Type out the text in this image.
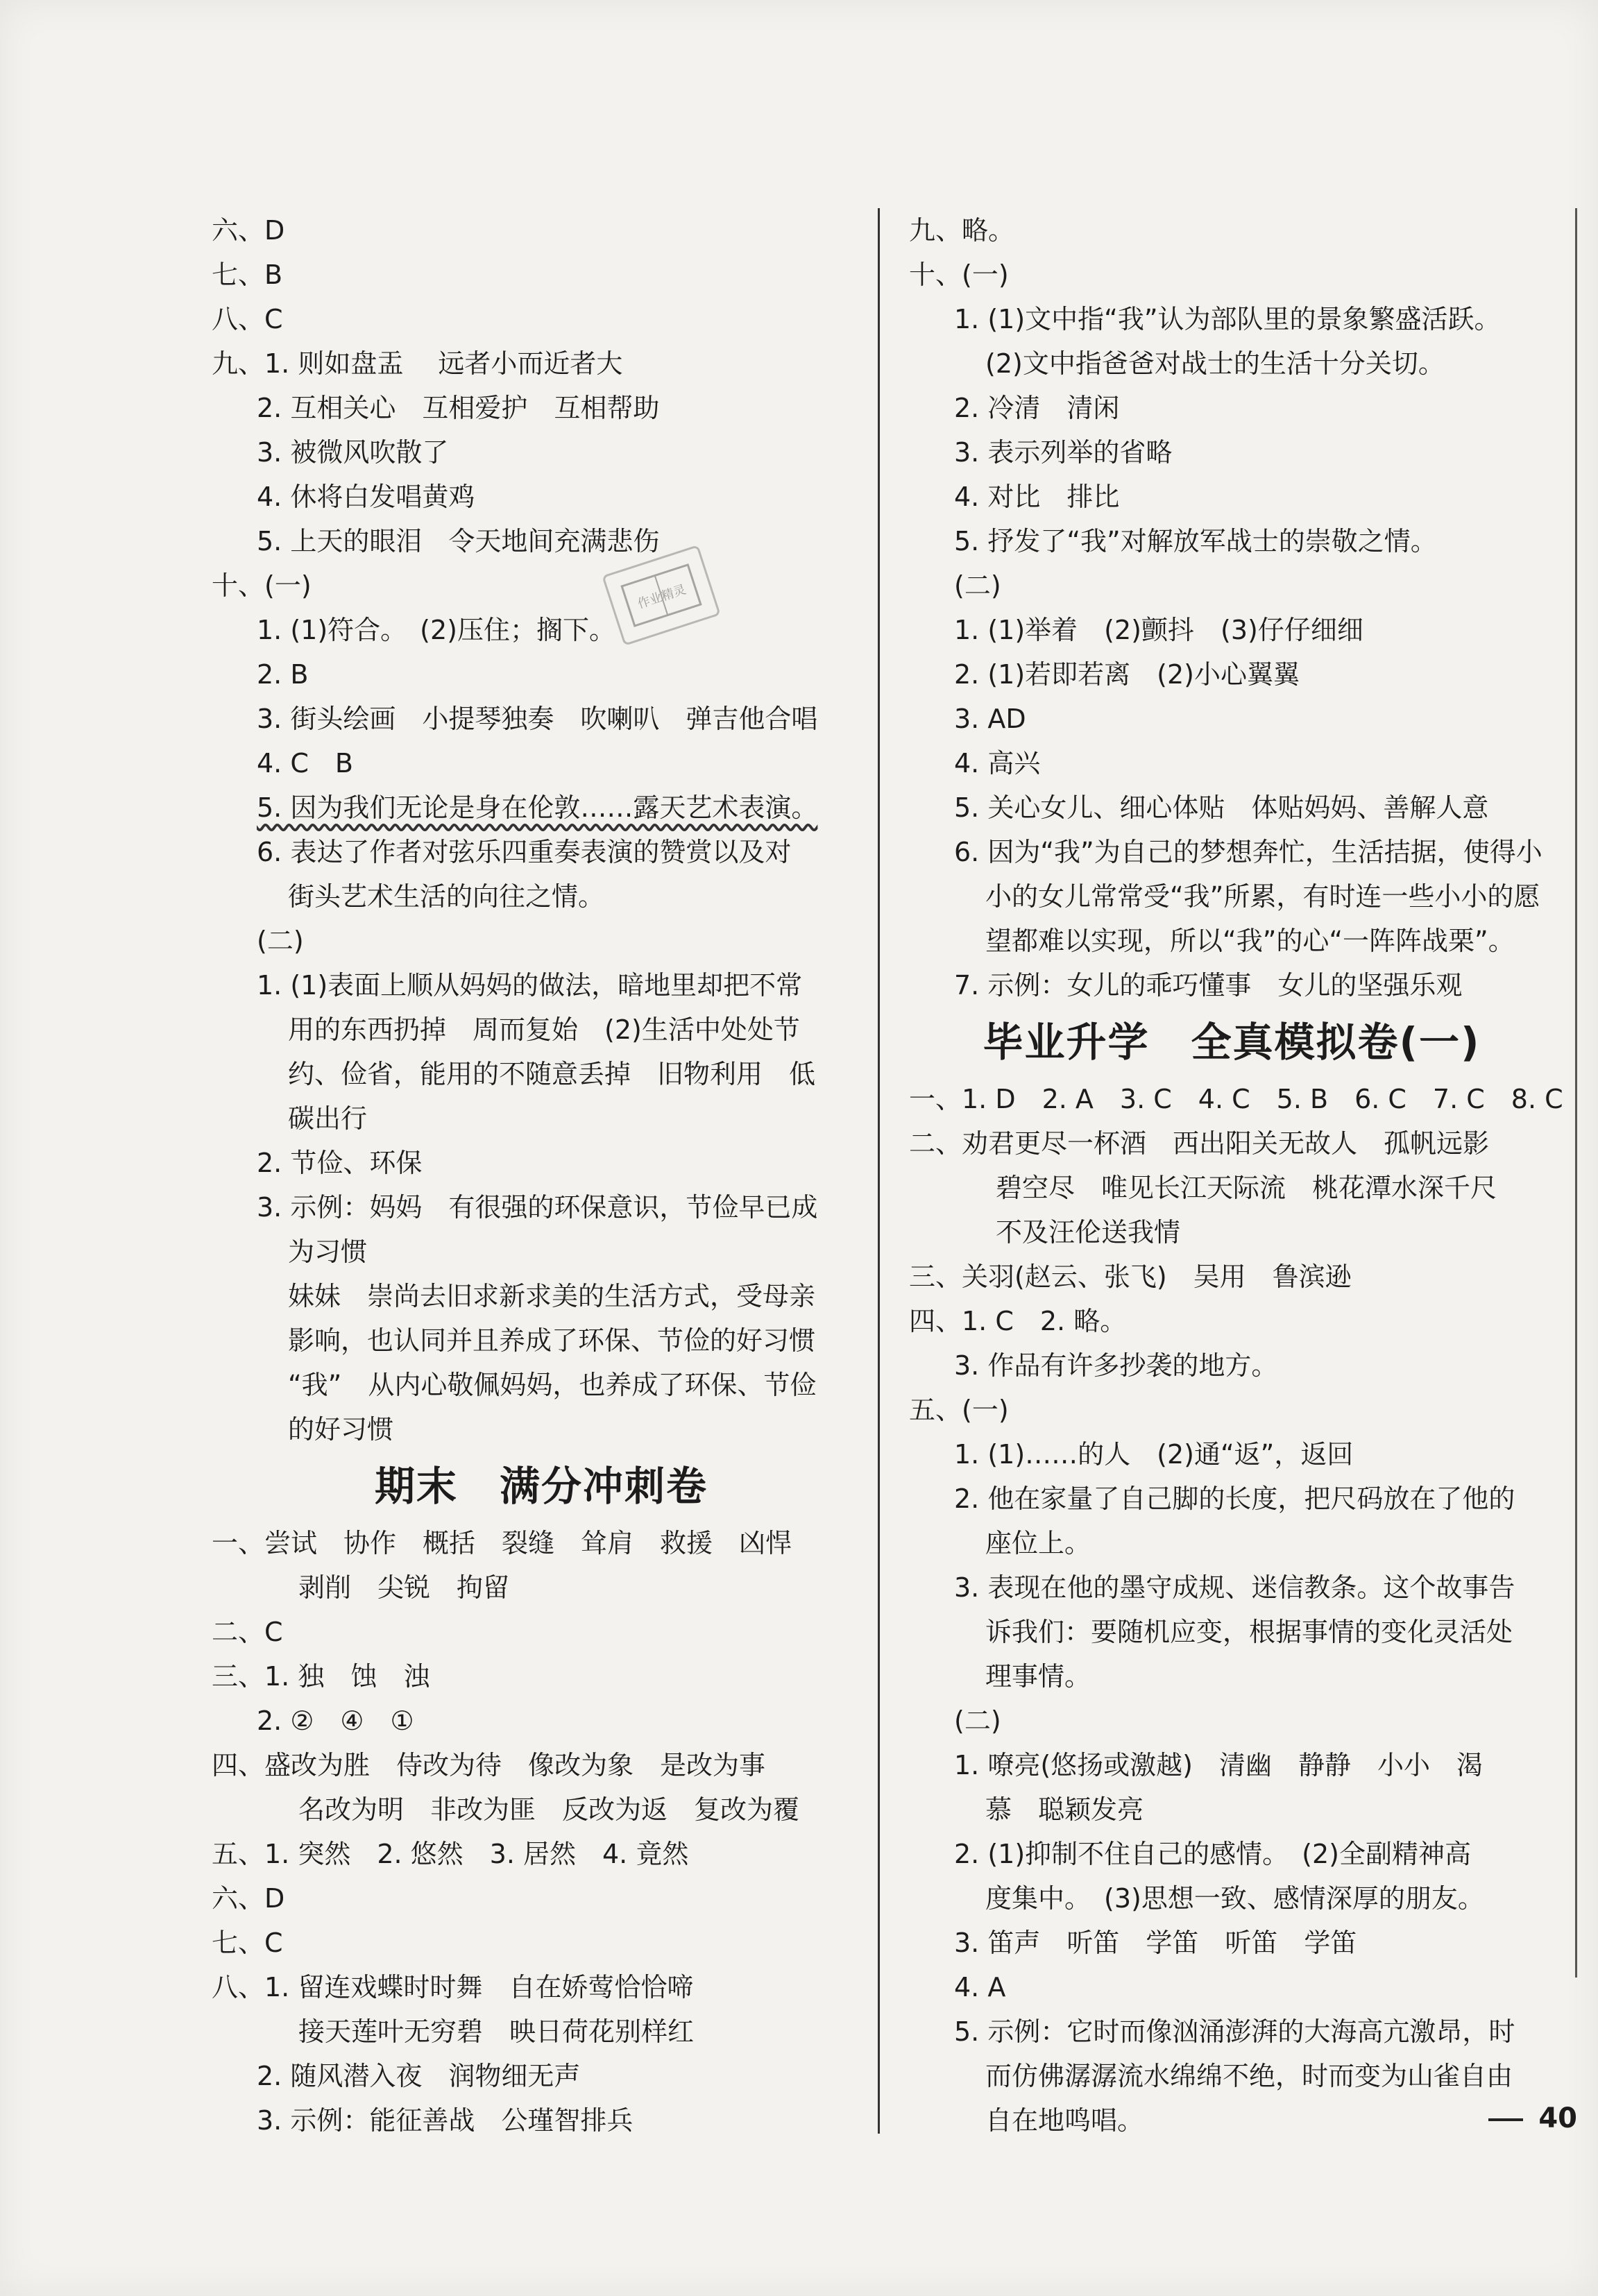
六、D
七、B
八、C
九、1. 则如盘盂　 远者小而近者大
2. 互相关心　互相爱护　互相帮助
3. 被微风吹散了
4. 休将白发唱黄鸡
5. 上天的眼泪　令天地间充满悲伤
十、(一)
1. (1)符合。　(2)压住；搁下。
2. B
3. 街头绘画　小提琴独奏　吹喇叭　弹吉他合唱
4. C　B
5. 因为我们无论是身在伦敦……露天艺术表演。
6. 表达了作者对弦乐四重奏表演的赞赏以及对
街头艺术生活的向往之情。
(二)
1. (1)表面上顺从妈妈的做法，暗地里却把不常
用的东西扔掉　周而复始　(2)生活中处处节
约、俭省，能用的不随意丢掉　旧物利用　低
碳出行
2. 节俭、环保
3. 示例：妈妈　有很强的环保意识，节俭早已成
为习惯
妹妹　崇尚去旧求新求美的生活方式，受母亲
影响，也认同并且养成了环保、节俭的好习惯
“我”　从内心敬佩妈妈，也养成了环保、节俭
的好习惯
期末　满分冲刺卷
一、尝试　协作　概括　裂缝　耸肩　救援　凶悍
剥削　尖锐　拘留
二、C
三、1. 独　蚀　浊
2. ②　④　①
四、盛改为胜　侍改为待　像改为象　是改为事
名改为明　非改为匪　反改为返　复改为覆
五、1. 突然　2. 悠然　3. 居然　4. 竟然
六、D
七、C
八、1. 留连戏蝶时时舞　自在娇莺恰恰啼
接天莲叶无穷碧　映日荷花别样红
2. 随风潜入夜　润物细无声
3. 示例：能征善战　公瑾智排兵
九、略。
十、(一)
1. (1)文中指“我”认为部队里的景象繁盛活跃。
(2)文中指爸爸对战士的生活十分关切。
2. 冷清　清闲
3. 表示列举的省略
4. 对比　排比
5. 抒发了“我”对解放军战士的崇敬之情。
(二)
1. (1)举着　(2)颤抖　(3)仔仔细细
2. (1)若即若离　(2)小心翼翼
3. AD
4. 高兴
5. 关心女儿、细心体贴　体贴妈妈、善解人意
6. 因为“我”为自己的梦想奔忙，生活拮据，使得小
小的女儿常常受“我”所累，有时连一些小小的愿
望都难以实现，所以“我”的心“一阵阵战栗”。
7. 示例：女儿的乖巧懂事　女儿的坚强乐观
毕业升学　全真模拟卷(一)
一、1. D　2. A　3. C　4. C　5. B　6. C　7. C　8. C
二、劝君更尽一杯酒　西出阳关无故人　孤帆远影
碧空尽　唯见长江天际流　桃花潭水深千尺
不及汪伦送我情
三、关羽(赵云、张飞)　吴用　鲁滨逊
四、1. C　2. 略。
3. 作品有许多抄袭的地方。
五、(一)
1. (1)……的人　(2)通“返”，返回
2. 他在家量了自己脚的长度，把尺码放在了他的
座位上。
3. 表现在他的墨守成规、迷信教条。这个故事告
诉我们：要随机应变，根据事情的变化灵活处
理事情。
(二)
1. 嘹亮(悠扬或激越)　清幽　静静　小小　渴
慕　聪颖发亮
2. (1)抑制不住自己的感情。　(2)全副精神高
度集中。　(3)思想一致、感情深厚的朋友。
3. 笛声　听笛　学笛　听笛　学笛
4. A
5. 示例：它时而像汹涌澎湃的大海高亢激昂，时
而仿佛潺潺流水绵绵不绝，时而变为山雀自由
自在地鸣唱。
作业精灵
40
